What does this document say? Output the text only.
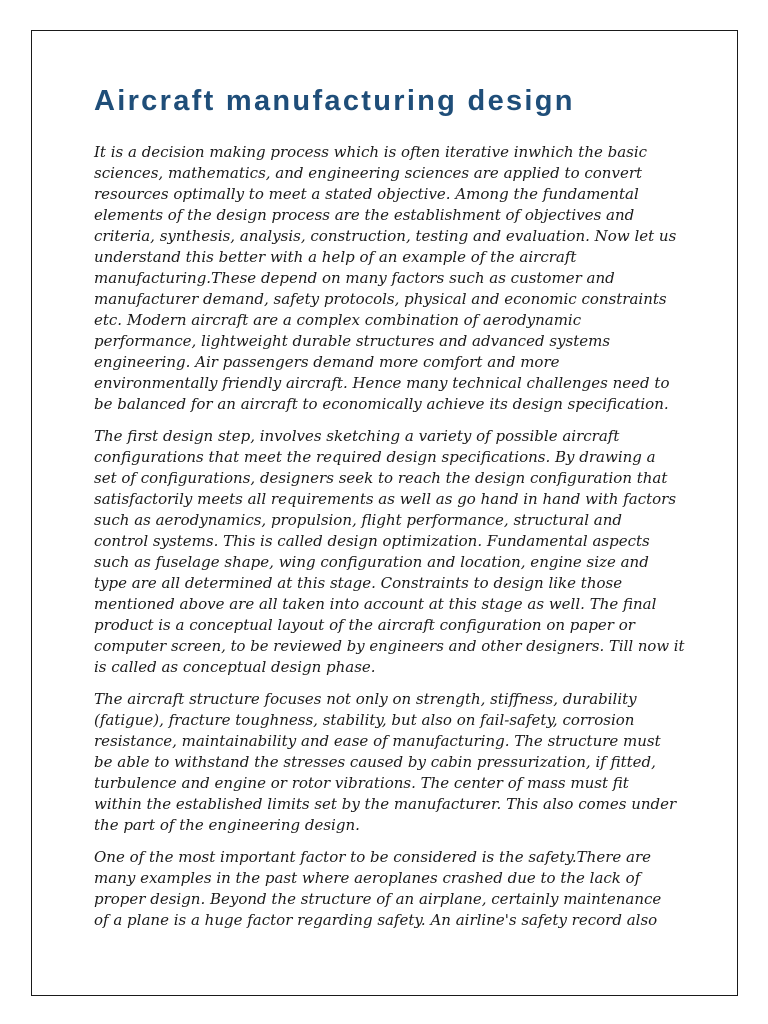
Aircraft manufacturing design

It is a decision making process which is often iterative inwhich the basic
sciences, mathematics, and engineering sciences are applied to convert
resources optimally to meet a stated objective. Among the fundamental
elements of the design process are the establishment of objectives and
criteria, synthesis, analysis, construction, testing and evaluation. Now let us
understand this better with a help of an example of the aircraft
manufacturing.These depend on many factors such as customer and
manufacturer demand, safety protocols, physical and economic constraints
etc. Modern aircraft are a complex combination of aerodynamic
performance, lightweight durable structures and advanced systems
engineering. Air passengers demand more comfort and more
environmentally friendly aircraft. Hence many technical challenges need to
be balanced for an aircraft to economically achieve its design specification.

The first design step, involves sketching a variety of possible aircraft
configurations that meet the required design specifications. By drawing a
set of configurations, designers seek to reach the design configuration that
satisfactorily meets all requirements as well as go hand in hand with factors
such as aerodynamics, propulsion, flight performance, structural and
control systems. This is called design optimization. Fundamental aspects
such as fuselage shape, wing configuration and location, engine size and
type are all determined at this stage. Constraints to design like those
mentioned above are all taken into account at this stage as well. The final
product is a conceptual layout of the aircraft configuration on paper or
computer screen, to be reviewed by engineers and other designers. Till now it
is called as conceptual design phase.

The aircraft structure focuses not only on strength, stiffness, durability
(fatigue), fracture toughness, stability, but also on fail-safety, corrosion
resistance, maintainability and ease of manufacturing. The structure must
be able to withstand the stresses caused by cabin pressurization, if fitted,
turbulence and engine or rotor vibrations. The center of mass must fit
within the established limits set by the manufacturer. This also comes under
the part of the engineering design.

One of the most important factor to be considered is the safety.There are
many examples in the past where aeroplanes crashed due to the lack of
proper design. Beyond the structure of an airplane, certainly maintenance
of a plane is a huge factor regarding safety. An airline's safety record also
